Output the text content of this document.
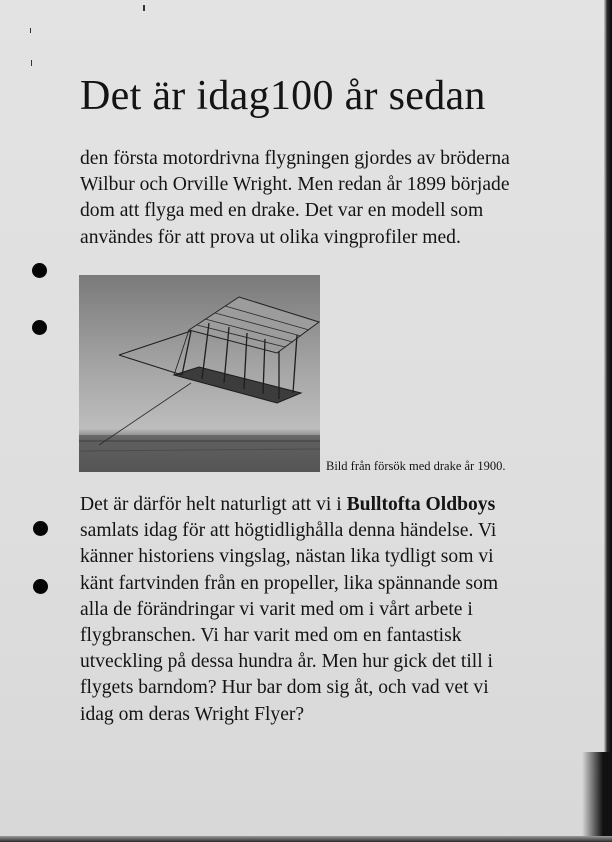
Det är idag100 år sedan

den första motordrivna flygningen gjordes av bröderna
Wilbur och Orville Wright. Men redan år 1899 började
dom att flyga med en drake. Det var en modell som
användes för att prova ut olika vingprofiler med.

Bild från försök med drake år 1900.

Det är därför helt naturligt att vi i Bulltofta Oldboys
samlats idag för att högtidlighålla denna händelse. Vi
känner historiens vingslag, nästan lika tydligt som vi
känt fartvinden från en propeller, lika spännande som
alla de förändringar vi varit med om i vårt arbete i
flygbranschen. Vi har varit med om en fantastisk
utveckling på dessa hundra år. Men hur gick det till i
flygets barndom? Hur bar dom sig åt, och vad vet vi
idag om deras Wright Flyer?
